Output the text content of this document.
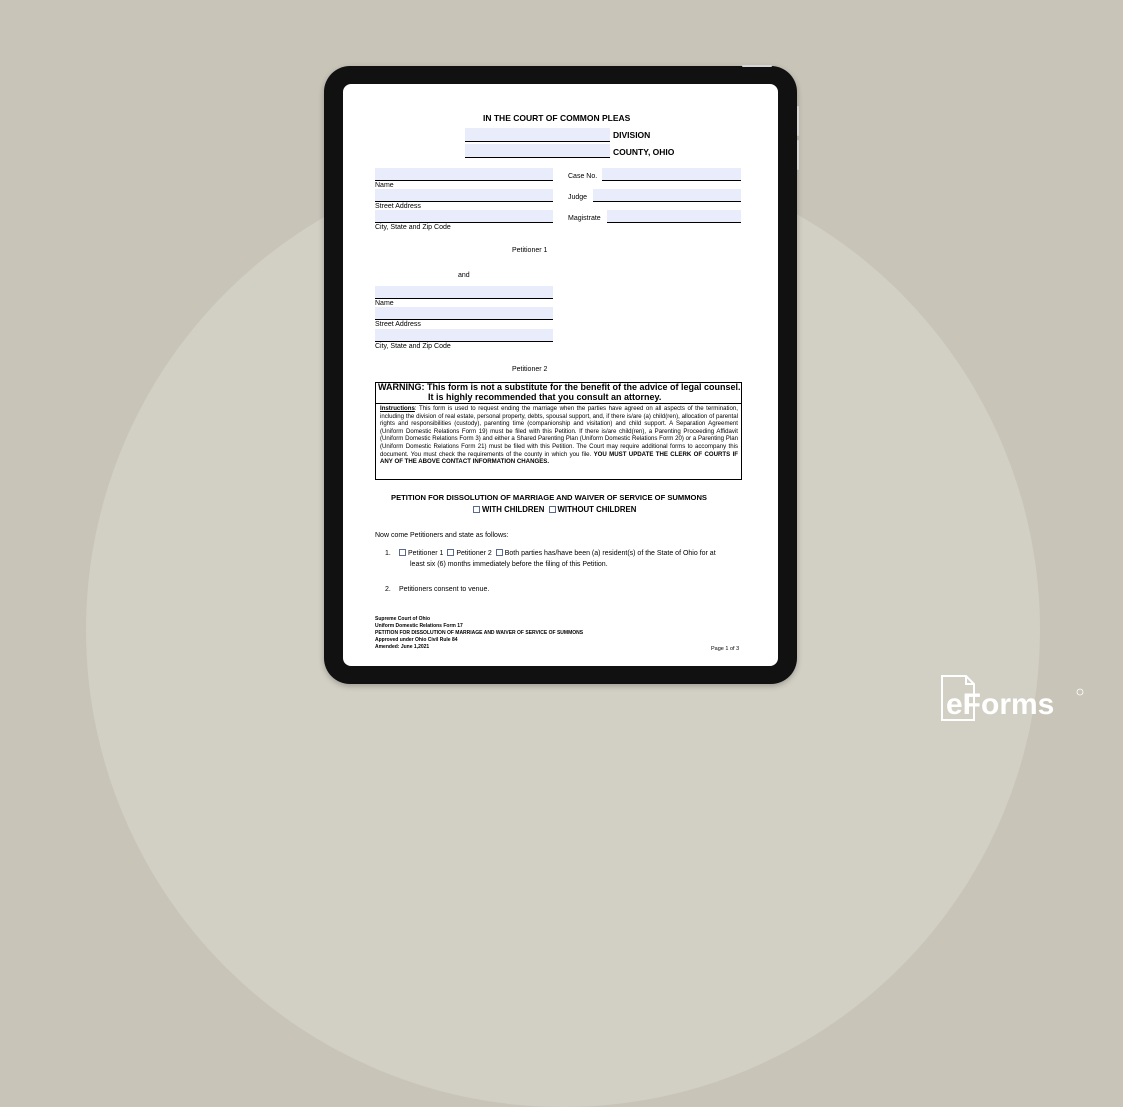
IN THE COURT OF COMMON PLEAS
DIVISION
COUNTY, OHIO
Name
Street Address
City, State and Zip Code
Case No.
Judge
Magistrate
Petitioner 1
and
Name
Street Address
City, State and Zip Code
Petitioner 2
WARNING: This form is not a substitute for the benefit of the advice of legal counsel.
It is highly recommended that you consult an attorney.
Instructions: This form is used to request ending the marriage when the parties have agreed on all aspects of the termination, including the division of real estate, personal property, debts, spousal support, and, if there is/are (a) child(ren), allocation of parental rights and responsibilities (custody), parenting time (companionship and visitation) and child support. A Separation Agreement (Uniform Domestic Relations Form 19) must be filed with this Petition. If there is/are child(ren), a Parenting Proceeding Affidavit (Uniform Domestic Relations Form 3) and either a Shared Parenting Plan (Uniform Domestic Relations Form 20) or a Parenting Plan (Uniform Domestic Relations Form 21) must be filed with this Petition. The Court may require additional forms to accompany this document. You must check the requirements of the county in which you file. YOU MUST UPDATE THE CLERK OF COURTS IF ANY OF THE ABOVE CONTACT INFORMATION CHANGES.
PETITION FOR DISSOLUTION OF MARRIAGE AND WAIVER OF SERVICE OF SUMMONS
WITH CHILDREN WITHOUT CHILDREN
Now come Petitioners and state as follows:
1.	Petitioner 1 Petitioner 2 Both parties has/have been (a) resident(s) of the State of Ohio for at
least six (6) months immediately before the filing of this Petition.
2. Petitioners consent to venue.
Supreme Court of Ohio
Uniform Domestic Relations Form 17
PETITION FOR DISSOLUTION OF MARRIAGE AND WAIVER OF SERVICE OF SUMMONS
Approved under Ohio Civil Rule 84
Amended: June 1,2021	Page 1 of 3
eForms
